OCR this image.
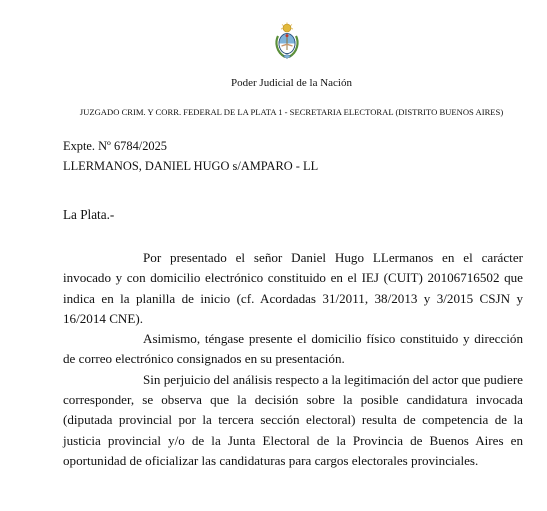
Poder Judicial de la Nación
JUZGADO CRIM. Y CORR. FEDERAL DE LA PLATA 1 - SECRETARIA ELECTORAL (DISTRITO BUENOS AIRES)
Expte. Nº 6784/2025
LLERMANOS, DANIEL HUGO s/AMPARO - LL
La Plata.-

Por presentado el señor Daniel Hugo LLermanos en el carácter invocado y con domicilio electrónico constituido en el IEJ (CUIT) 20106716502 que indica en la planilla de inicio (cf. Acordadas 31/2011, 38/2013 y 3/2015 CSJN y 16/2014 CNE).

Asimismo, téngase presente el domicilio físico constituido y dirección de correo electrónico consignados en su presentación.

Sin perjuicio del análisis respecto a la legitimación del actor que pudiere corresponder, se observa que la decisión sobre la posible candidatura invocada (diputada provincial por la tercera sección electoral) resulta de competencia de la justicia provincial y/o de la Junta Electoral de la Provincia de Buenos Aires en oportunidad de oficializar las candidaturas para cargos electorales provinciales.
